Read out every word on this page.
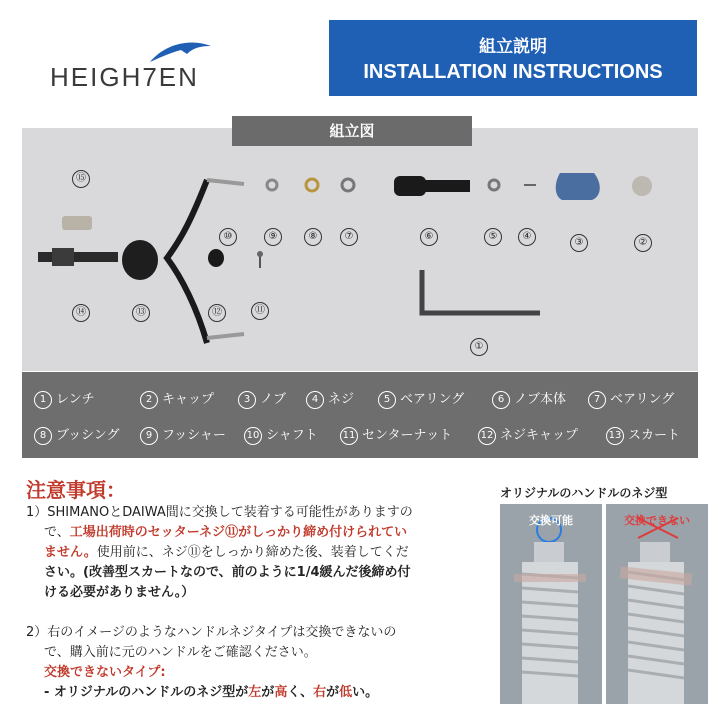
HEIGH7EN
組立説明
INSTALLATION INSTRUCTIONS
⑮
⑭	⑬	⑫	⑪
⑩	⑨	⑧	⑦	⑥	⑤	④
③	②
①
組立図
1 レンチ	2 キャップ	3 ノブ	4 ネジ	5 ベアリング	6 ノブ本体	7 ベアリング
8 ブッシング	9 フッシャー 10 シャフト 11 センターナット	12 ネジキャップ	13 スカート
注意事項：
1）SHIMANOとDAIWA間に交換して装着する可能性がありますの
で、工場出荷時のセッターネジ⑪がしっかり締め付けられてい
ません。使用前に、ネジ⑪をしっかり締めた後、装着してくだ
さい。(改善型スカートなので、前のように1/4緩んだ後締め付
ける必要がありません。）
2）右のイメージのようなハンドルネジタイプは交換できないの
で、購入前に元のハンドルをご確認ください。
交換できないタイプ:
- オリジナルのハンドルのネジ型が左が高く、右が低い。
オリジナルのハンドルのネジ型
交換可能	交換できない
